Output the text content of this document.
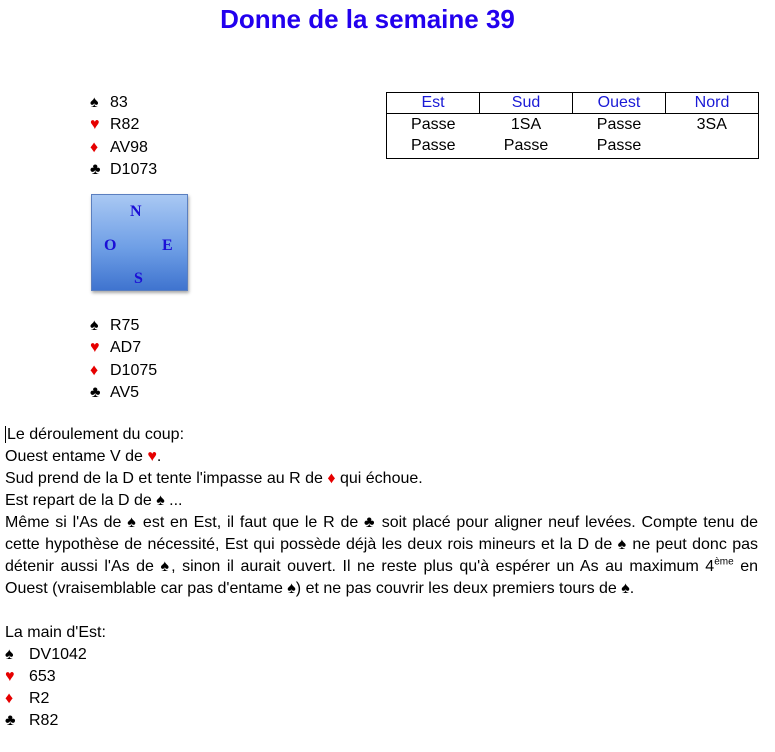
Donne de la semaine 39
♠ 83
♥ R82
♦ AV98
♣ D1073
N
O	E
S
♠ R75
♥ AD7
♦ D1075
♣ AV5
Est	Sud	Ouest	Nord
Passe	1SA	Passe	3SA
Passe	Passe	Passe	

Le déroulement du coup:

Ouest entame V de ♥.

Sud prend de la D et tente l'impasse au R de ♦ qui échoue.

Est repart de la D de ♠ ...

Même si l'As de ♠ est en Est, il faut que le R de ♣ soit placé pour aligner neuf levées. Compte tenu de cette hypothèse de nécessité, Est qui possède déjà les deux rois mineurs et la D de ♠ ne peut donc pas détenir aussi l'As de ♠, sinon il aurait ouvert. Il ne reste plus qu'à espérer un As au maximum 4ème en Ouest (vraisemblable car pas d'entame ♠) et ne pas couvrir les deux premiers tours de ♠.

La main d'Est:

♠ DV1042

♥ 653

♦ R2

♣ R82
